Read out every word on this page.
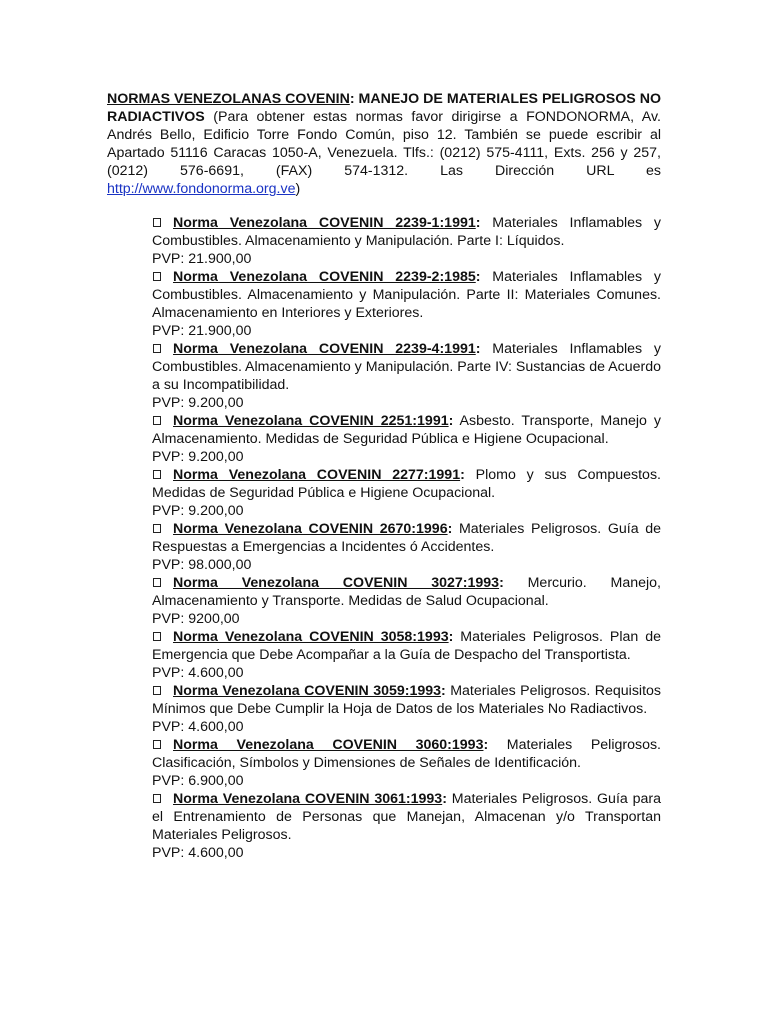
NORMAS VENEZOLANAS COVENIN: MANEJO DE MATERIALES PELIGROSOS NO RADIACTIVOS (Para obtener estas normas favor dirigirse a FONDONORMA, Av. Andrés Bello, Edificio Torre Fondo Común, piso 12. También se puede escribir al Apartado 51116 Caracas 1050-A, Venezuela. Tlfs.: (0212) 575-4111, Exts. 256 y 257, (0212) 576-6691, (FAX) 574-1312. Las Dirección URL es http://www.fondonorma.org.ve)

Norma Venezolana COVENIN 2239-1:1991: Materiales Inflamables y Combustibles. Almacenamiento y Manipulación. Parte I: Líquidos.

PVP: 21.900,00

Norma Venezolana COVENIN 2239-2:1985: Materiales Inflamables y Combustibles. Almacenamiento y Manipulación. Parte II: Materiales Comunes. Almacenamiento en Interiores y Exteriores.

PVP: 21.900,00

Norma Venezolana COVENIN 2239-4:1991: Materiales Inflamables y Combustibles. Almacenamiento y Manipulación. Parte IV: Sustancias de Acuerdo a su Incompatibilidad.

PVP: 9.200,00

Norma Venezolana COVENIN 2251:1991: Asbesto. Transporte, Manejo y Almacenamiento. Medidas de Seguridad Pública e Higiene Ocupacional.

PVP: 9.200,00

Norma Venezolana COVENIN 2277:1991: Plomo y sus Compuestos. Medidas de Seguridad Pública e Higiene Ocupacional.

PVP: 9.200,00

Norma Venezolana COVENIN 2670:1996: Materiales Peligrosos. Guía de Respuestas a Emergencias a Incidentes ó Accidentes.

PVP: 98.000,00

Norma Venezolana COVENIN 3027:1993: Mercurio. Manejo, Almacenamiento y Transporte. Medidas de Salud Ocupacional.

PVP: 9200,00

Norma Venezolana COVENIN 3058:1993: Materiales Peligrosos. Plan de Emergencia que Debe Acompañar a la Guía de Despacho del Transportista.

PVP: 4.600,00

Norma Venezolana COVENIN 3059:1993: Materiales Peligrosos. Requisitos Mínimos que Debe Cumplir la Hoja de Datos de los Materiales No Radiactivos.

PVP: 4.600,00

Norma Venezolana COVENIN 3060:1993: Materiales Peligrosos. Clasificación, Símbolos y Dimensiones de Señales de Identificación.

PVP: 6.900,00

Norma Venezolana COVENIN 3061:1993: Materiales Peligrosos. Guía para el Entrenamiento de Personas que Manejan, Almacenan y/o Transportan Materiales Peligrosos.

PVP: 4.600,00
